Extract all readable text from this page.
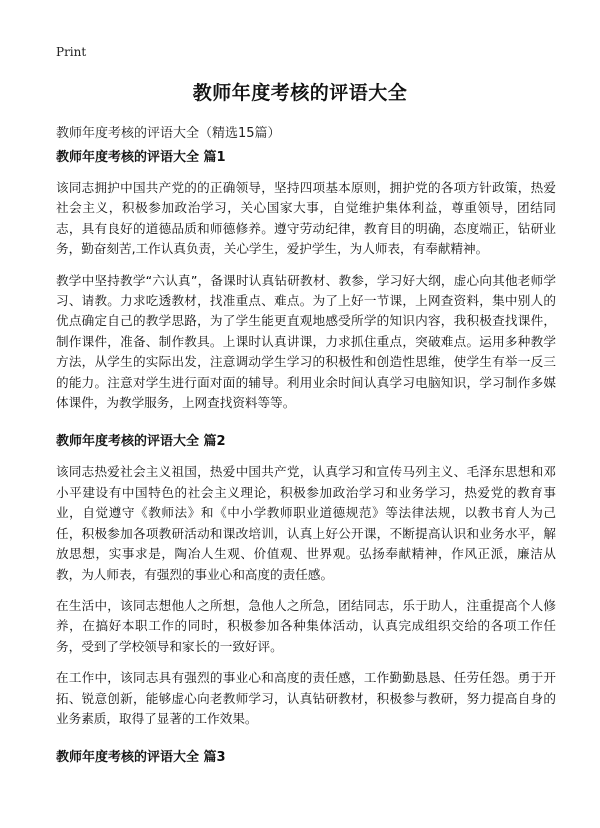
Print
教师年度考核的评语大全

教师年度考核的评语大全（精选15篇）

教师年度考核的评语大全 篇1

该同志拥护中国共产党的的正确领导，坚持四项基本原则，拥护党的各项方针政策，热爱社会主义，积极参加政治学习，关心国家大事，自觉维护集体利益，尊重领导，团结同志，具有良好的道德品质和师德修养。遵守劳动纪律，教育目的明确，态度端正，钻研业务，勤奋刻苦,工作认真负责，关心学生，爱护学生，为人师表，有奉献精神。

教学中坚持教学“六认真”，备课时认真钻研教材、教参，学习好大纲，虚心向其他老师学习、请教。力求吃透教材，找准重点、难点。为了上好一节课，上网查资料，集中别人的优点确定自己的教学思路，为了学生能更直观地感受所学的知识内容，我积极查找课件，制作课件，准备、制作教具。上课时认真讲课，力求抓住重点，突破难点。运用多种教学方法，从学生的实际出发，注意调动学生学习的积极性和创造性思维，使学生有举一反三的能力。注意对学生进行面对面的辅导。利用业余时间认真学习电脑知识，学习制作多媒体课件，为教学服务，上网查找资料等等。

教师年度考核的评语大全 篇2

该同志热爱社会主义祖国，热爱中国共产党，认真学习和宣传马列主义、毛泽东思想和邓小平建设有中国特色的社会主义理论，积极参加政治学习和业务学习，热爱党的教育事业，自觉遵守《教师法》和《中小学教师职业道德规范》等法律法规，以教书育人为己任，积极参加各项教研活动和课改培训，认真上好公开课，不断提高认识和业务水平，解放思想，实事求是，陶冶人生观、价值观、世界观。弘扬奉献精神，作风正派，廉洁从教，为人师表，有强烈的事业心和高度的责任感。

在生活中，该同志想他人之所想，急他人之所急，团结同志，乐于助人，注重提高个人修养，在搞好本职工作的同时，积极参加各种集体活动，认真完成组织交给的各项工作任务，受到了学校领导和家长的一致好评。

在工作中，该同志具有强烈的事业心和高度的责任感，工作勤勤恳恳、任劳任怨。勇于开拓、锐意创新，能够虚心向老教师学习，认真钻研教材，积极参与教研，努力提高自身的业务素质，取得了显著的工作效果。

教师年度考核的评语大全 篇3
